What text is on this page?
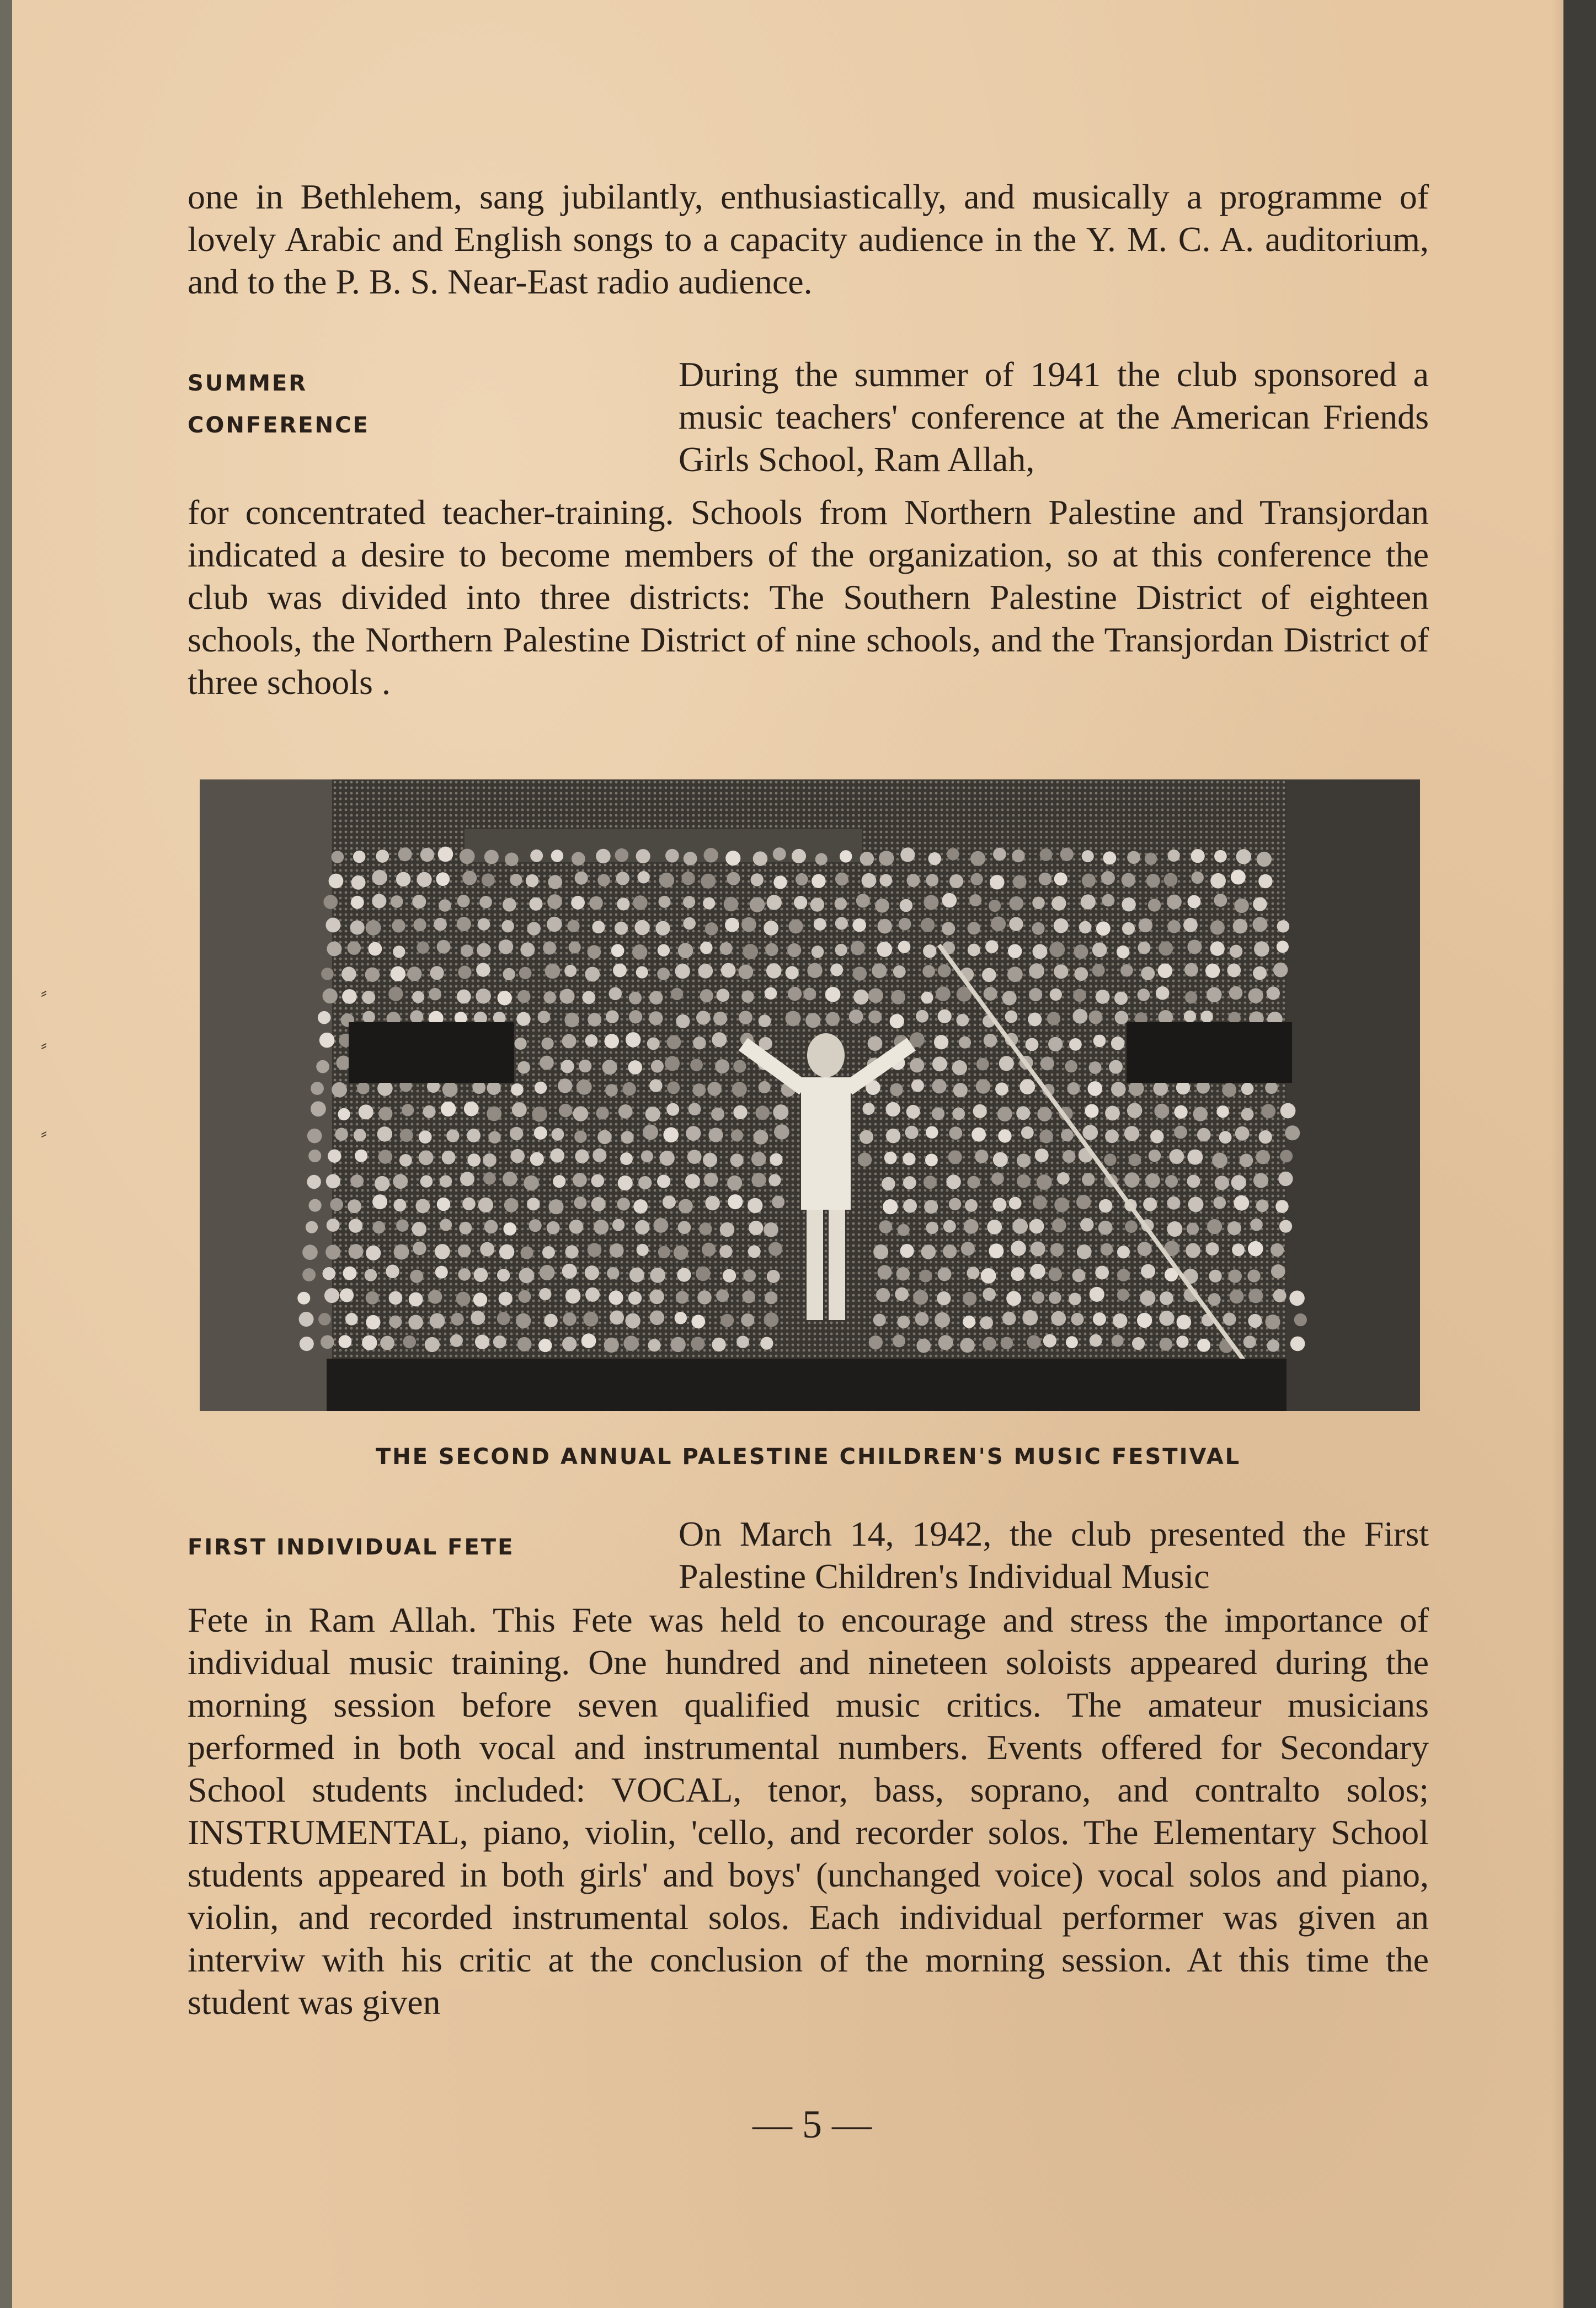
one in Bethlehem, sang jubilantly, enthusiastically, and musically a programme of lovely Arabic and English songs to a capacity audience in the Y. M. C. A. auditorium, and to the P. B. S. Near-East radio audience.

SUMMER
CONFERENCE

During the summer of 1941 the club sponsored a music teachers' conference at the American Friends Girls School, Ram Allah,

for concentrated teacher-training. Schools from Northern Palestine and Transjordan indicated a desire to become members of the organization, so at this conference the club was divided into three districts: The Southern Palestine District of eighteen schools, the Northern Palestine District of nine schools, and the Transjordan District of three schools .

THE SECOND ANNUAL PALESTINE CHILDREN'S MUSIC FESTIVAL
FIRST INDIVIDUAL FETE	On March 14, 1942, the club presented the First Palestine Children's Individual Music

Fete in Ram Allah. This Fete was held to encourage and stress the importance of individual music training. One hundred and nineteen soloists appeared during the morning session before seven qualified music critics. The amateur musicians performed in both vocal and instrumental numbers. Events offered for Secondary School students included: VOCAL, tenor, bass, soprano, and contralto solos; INSTRUMENTAL, piano, violin, 'cello, and recorder solos. The Elementary School students appeared in both girls' and boys' (unchanged voice) vocal solos and piano, violin, and recorded instrumental solos. Each individual performer was given an interviw with his critic at the conclusion of the morning session. At this time the student was given

— 5 —
⸗
⸗
⸗
